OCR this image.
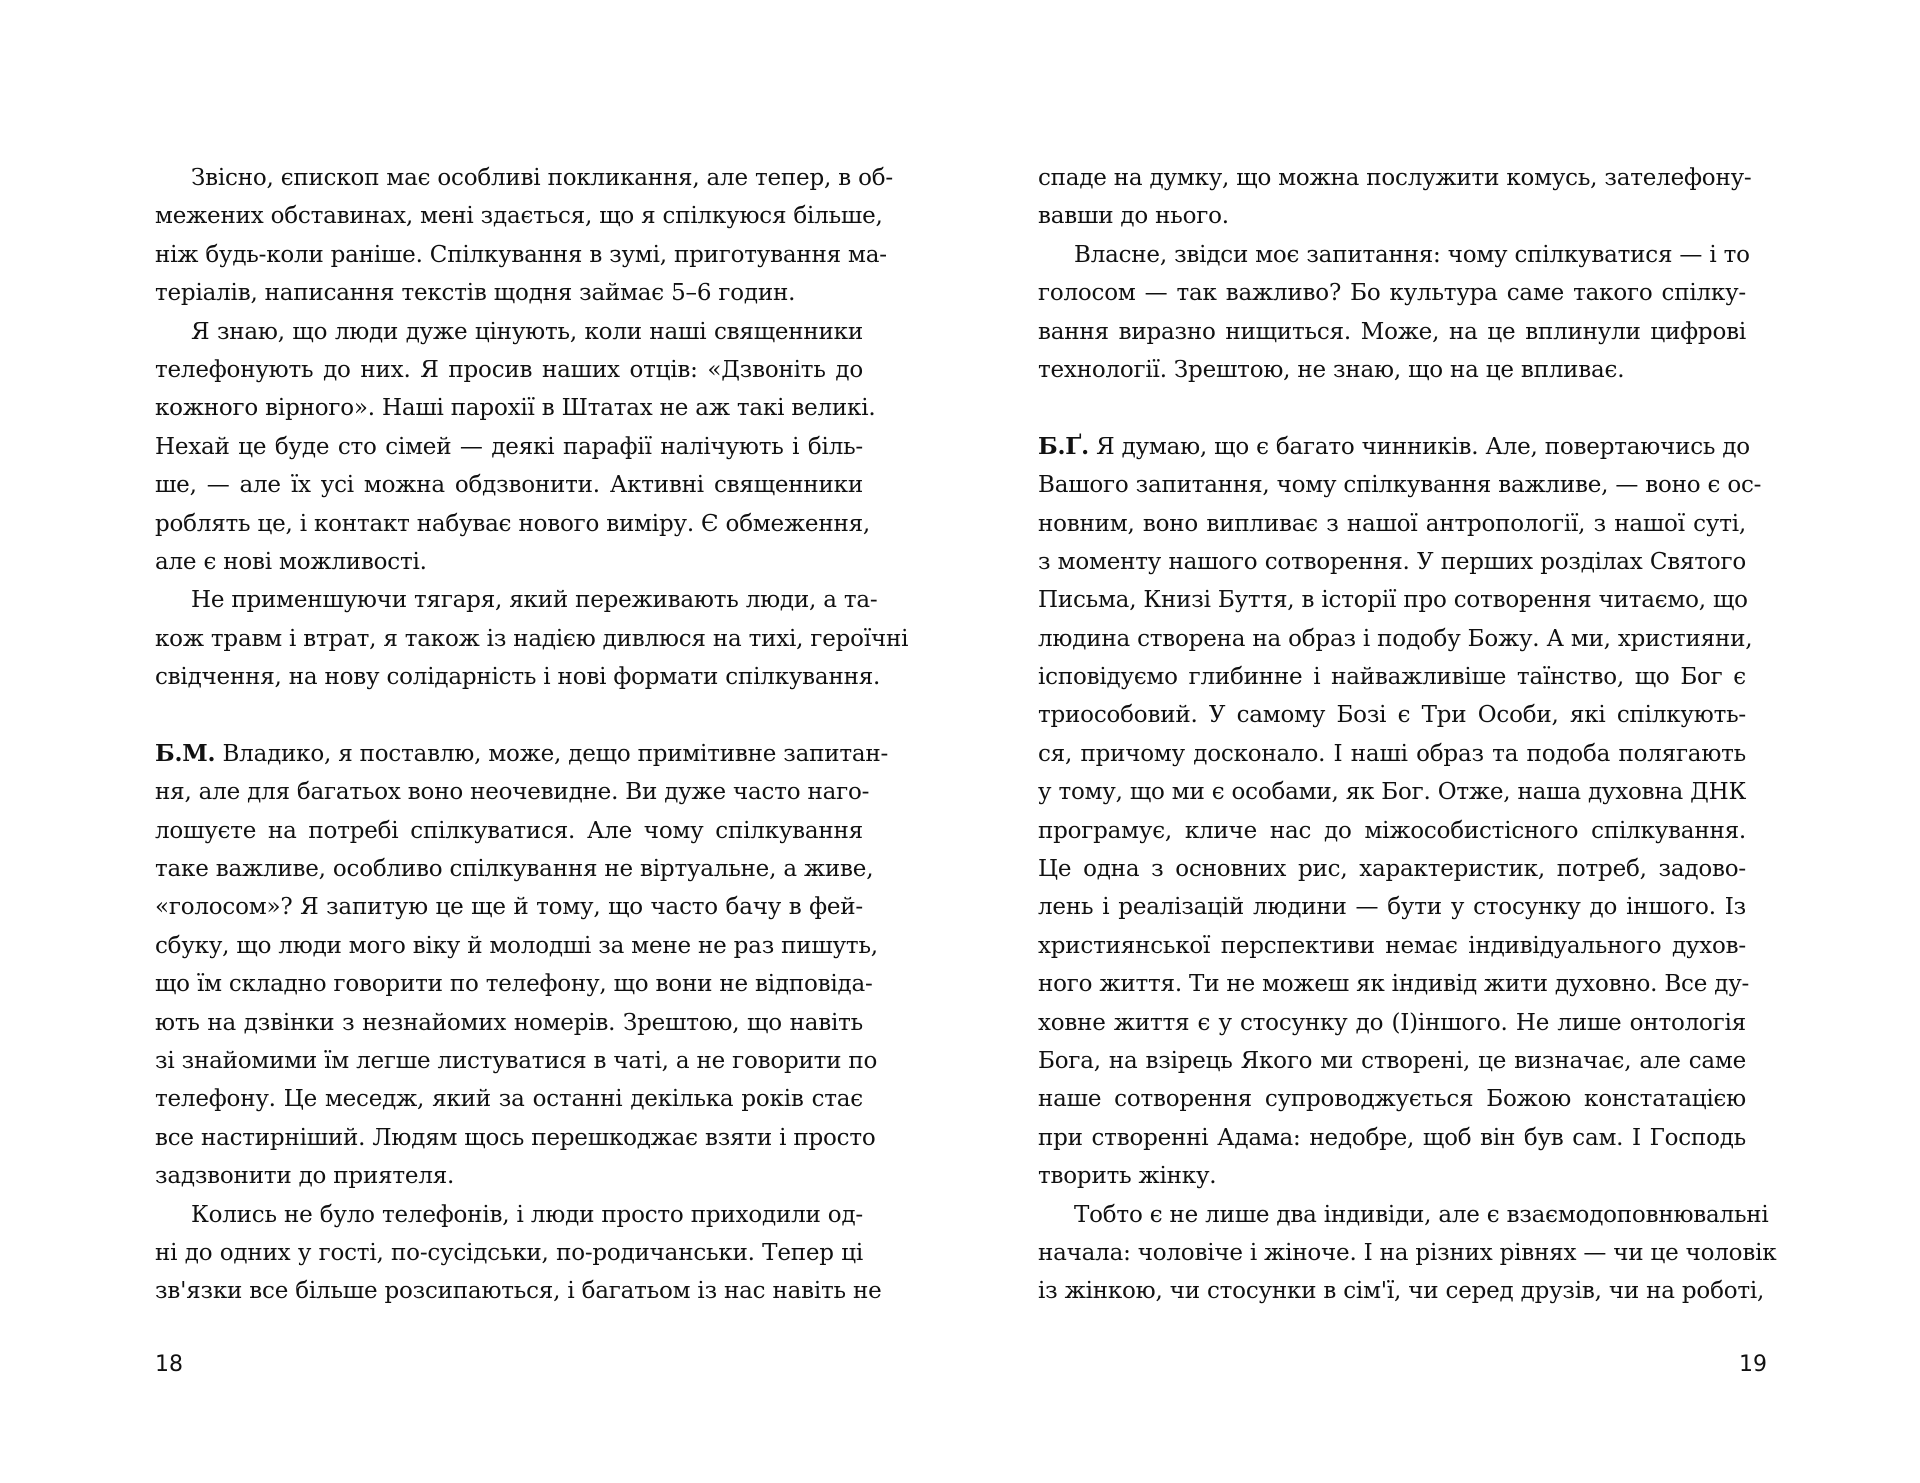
Звісно, єпископ має особливі покликання, але тепер, в об-
межених обставинах, мені здається, що я спілкуюся більше,
ніж будь-коли раніше. Спілкування в зумі, приготування ма-
теріалів, написання текстів щодня займає 5–6 годин.
Я знаю, що люди дуже цінують, коли наші священники
телефонують до них. Я просив наших отців: «Дзвоніть до
кожного вірного». Наші парохії в Штатах не аж такі великі.
Нехай це буде сто сімей — деякі парафії налічують і біль-
ше, — але їх усі можна обдзвонити. Активні священники
роблять це, і контакт набуває нового виміру. Є обмеження,
але є нові можливості.
Не применшуючи тягаря, який переживають люди, а та-
кож травм і втрат, я також із надією дивлюся на тихі, героїчні
свідчення, на нову солідарність і нові формати спілкування.
Б.М. Владико, я поставлю, може, дещо примітивне запитан-
ня, але для багатьох воно неочевидне. Ви дуже часто наго-
лошуєте на потребі спілкуватися. Але чому спілкування
таке важливе, особливо спілкування не віртуальне, а живе,
«голосом»? Я запитую це ще й тому, що часто бачу в фей-
сбуку, що люди мого віку й молодші за мене не раз пишуть,
що їм складно говорити по телефону, що вони не відповіда-
ють на дзвінки з незнайомих номерів. Зрештою, що навіть
зі знайомими їм легше листуватися в чаті, а не говорити по
телефону. Це меседж, який за останні декілька років стає
все настирніший. Людям щось перешкоджає взяти і просто
задзвонити до приятеля.
Колись не було телефонів, і люди просто приходили од-
ні до одних у гості, по-сусідськи, по-родичанськи. Тепер ці
зв'язки все більше розсипаються, і багатьом із нас навіть не
18
спаде на думку, що можна послужити комусь, зателефону-
вавши до нього.
Власне, звідси моє запитання: чому спілкуватися — і то
голосом — так важливо? Бо культура саме такого спілку-
вання виразно нищиться. Може, на це вплинули цифрові
технології. Зрештою, не знаю, що на це впливає.
Б.Ґ. Я думаю, що є багато чинників. Але, повертаючись до
Вашого запитання, чому спілкування важливе, — воно є ос-
новним, воно випливає з нашої антропології, з нашої суті,
з моменту нашого сотворення. У перших розділах Святого
Письма, Книзі Буття, в історії про сотворення читаємо, що
людина створена на образ і подобу Божу. А ми, християни,
ісповідуємо глибинне і найважливіше таїнство, що Бог є
триособовий. У самому Бозі є Три Особи, які спілкують-
ся, причому досконало. І наші образ та подоба полягають
у тому, що ми є особами, як Бог. Отже, наша духовна ДНК
програмує, кличе нас до міжособистісного спілкування.
Це одна з основних рис, характеристик, потреб, задово-
лень і реалізацій людини — бути у стосунку до іншого. Із
християнської перспективи немає індивідуального духов-
ного життя. Ти не можеш як індивід жити духовно. Все ду-
ховне життя є у стосунку до (І)іншого. Не лише онтологія
Бога, на взірець Якого ми створені, це визначає, але саме
наше сотворення супроводжується Божою констатацією
при створенні Адама: недобре, щоб він був сам. І Господь
творить жінку.
Тобто є не лише два індивіди, але є взаємодоповнювальні
начала: чоловіче і жіноче. І на різних рівнях — чи це чоловік
із жінкою, чи стосунки в сім'ї, чи серед друзів, чи на роботі,
19
